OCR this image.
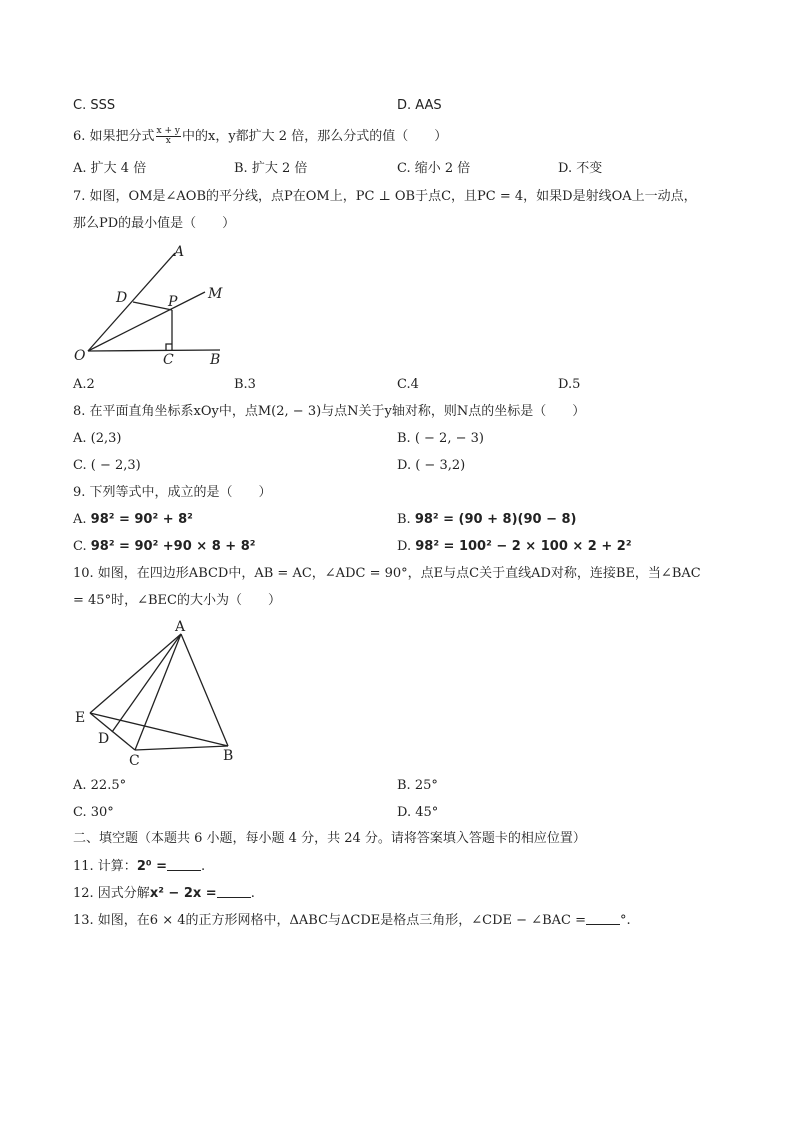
C. SSS	D. AAS
6. 如果把分式 $\frac{x + y}{x}$ 中的x，y都扩大 2 倍，那么分式的值（　　）
A. 扩大 4 倍	B. 扩大 2 倍	C. 缩小 2 倍	D. 不变
7. 如图，OM是∠AOB的平分线，点P在OM上，PC ⊥ OB于点C，且PC = 4，如果D是射线OA上一动点，
那么PD的最小值是（　　）
A
M
D	P
O	C	B
A.2	B.3	C.4	D.5
8. 在平面直角坐标系xOy中，点M(2, − 3)与点N关于y轴对称，则N点的坐标是（　　）
A. (2,3)	B. ( − 2, − 3)
C. ( − 2,3)	D. ( − 3,2)
9. 下列等式中，成立的是（　　）
A. 98² = 90² + 8²	B. 98² = (90 + 8)(90 − 8)
C. 98² = 90² +90 × 8 + 8²	D. 98² = 100² − 2 × 100 × 2 + 2²
10. 如图，在四边形ABCD中，AB = AC，∠ADC = 90°，点E与点C关于直线AD对称，连接BE，当∠BAC
= 45°时，∠BEC的大小为（　　）
A
E
D
C	B
A. 22.5°	B. 25°
C. 30°	D. 45°
二、填空题（本题共 6 小题，每小题 4 分，共 24 分。请将答案填入答题卡的相应位置）
11. 计算：2⁰ =	.
12. 因式分解x² − 2x =	.
13. 如图，在6 × 4的正方形网格中，ΔABC与ΔCDE是格点三角形，∠CDE − ∠BAC =	°.
